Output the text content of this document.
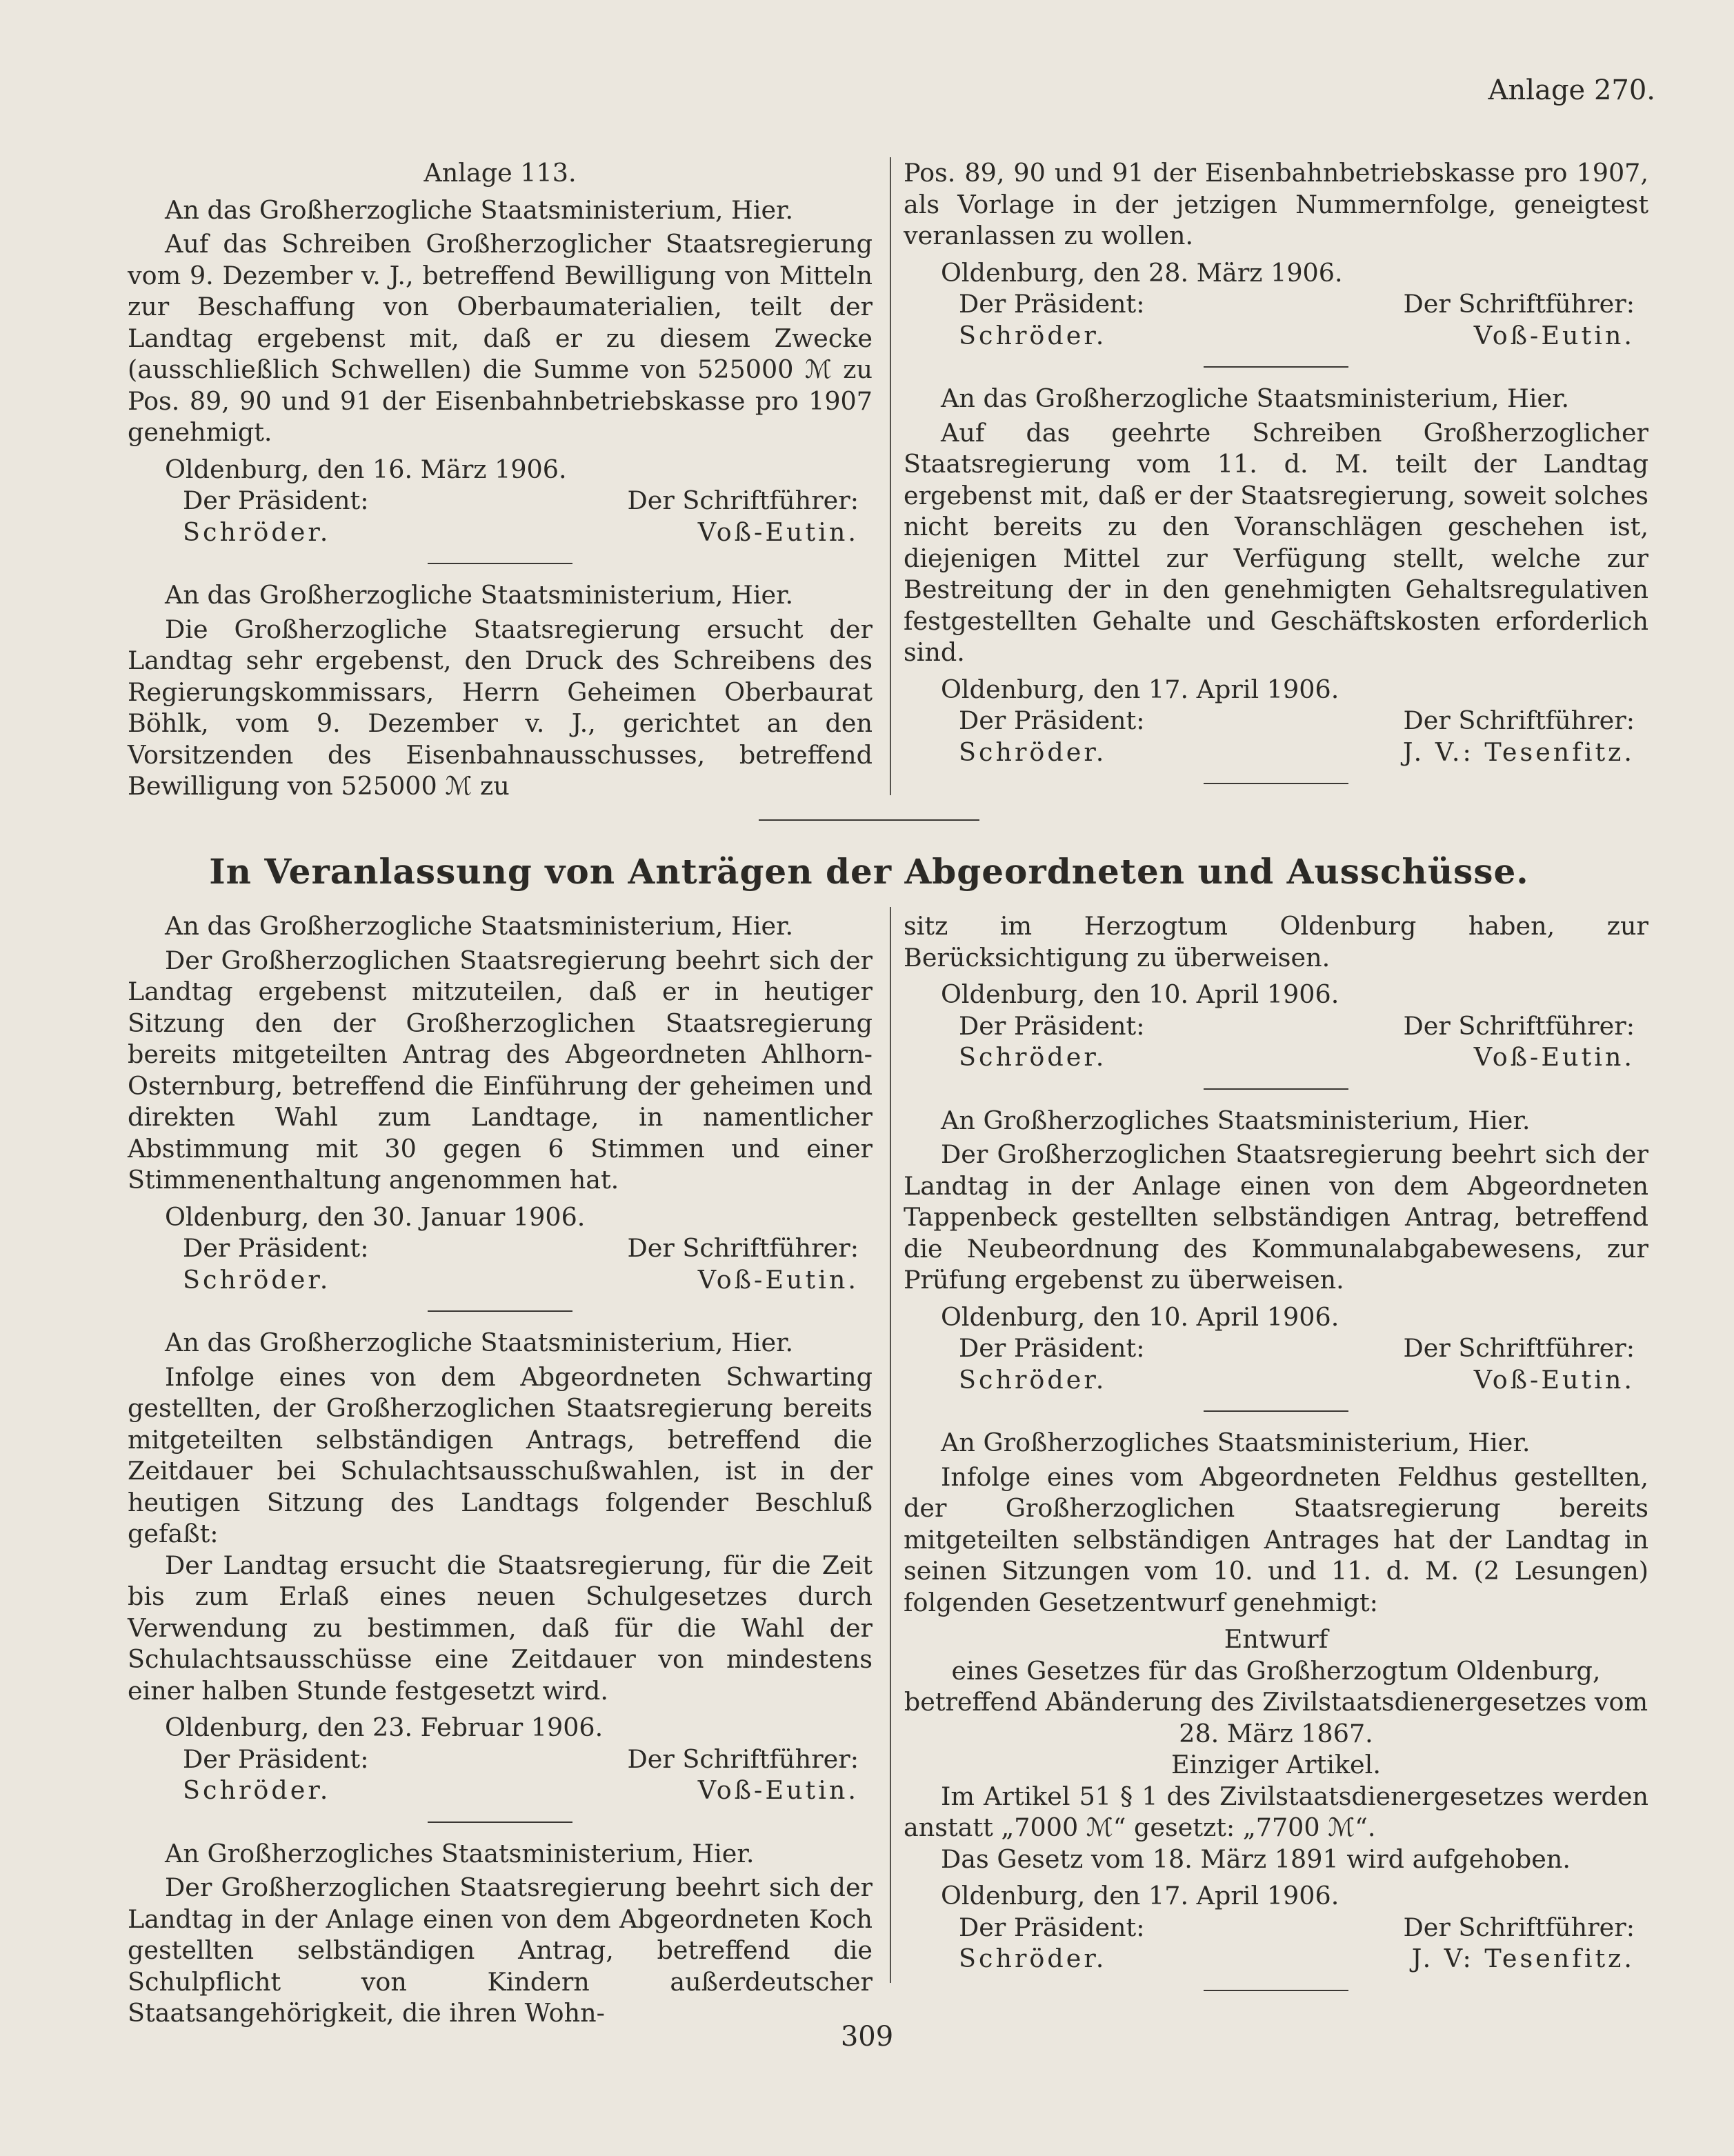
Anlage 270.

Anlage 113.

An das Großherzogliche Staatsministerium, Hier.

Auf das Schreiben Großherzoglicher Staatsregierung vom 9. Dezember v. J., betreffend Bewilligung von Mitteln zur Beschaffung von Oberbaumaterialien, teilt der Landtag ergebenst mit, daß er zu diesem Zwecke (ausschließlich Schwellen) die Summe von 525000 ℳ zu Pos. 89, 90 und 91 der Eisenbahnbetriebskasse pro 1907 genehmigt.

Oldenburg, den 16. März 1906.

Der Präsident:	Der Schriftführer:
Schröder.	Voß-Eutin.

An das Großherzogliche Staatsministerium, Hier.

Die Großherzogliche Staatsregierung ersucht der Landtag sehr ergebenst, den Druck des Schreibens des Regierungskommissars, Herrn Geheimen Oberbaurat Böhlk, vom 9. Dezember v. J., gerichtet an den Vorsitzenden des Eisenbahnausschusses, betreffend Bewilligung von 525000 ℳ zu

Pos. 89, 90 und 91 der Eisenbahnbetriebskasse pro 1907, als Vorlage in der jetzigen Nummernfolge, geneigtest veranlassen zu wollen.

Oldenburg, den 28. März 1906.

Der Präsident:	Der Schriftführer:
Schröder.	Voß-Eutin.

An das Großherzogliche Staatsministerium, Hier.

Auf das geehrte Schreiben Großherzoglicher Staatsregierung vom 11. d. M. teilt der Landtag ergebenst mit, daß er der Staatsregierung, soweit solches nicht bereits zu den Voranschlägen geschehen ist, diejenigen Mittel zur Verfügung stellt, welche zur Bestreitung der in den genehmigten Gehaltsregulativen festgestellten Gehalte und Geschäftskosten erforderlich sind.

Oldenburg, den 17. April 1906.

Der Präsident:	Der Schriftführer:
Schröder.	J. V.: Tesenfitz.
In Veranlassung von Anträgen der Abgeordneten und Ausschüsse.

An das Großherzogliche Staatsministerium, Hier.

Der Großherzoglichen Staatsregierung beehrt sich der Landtag ergebenst mitzuteilen, daß er in heutiger Sitzung den der Großherzoglichen Staatsregierung bereits mitgeteilten Antrag des Abgeordneten Ahlhorn-Osternburg, betreffend die Einführung der geheimen und direkten Wahl zum Landtage, in namentlicher Abstimmung mit 30 gegen 6 Stimmen und einer Stimmenenthaltung angenommen hat.

Oldenburg, den 30. Januar 1906.

Der Präsident:	Der Schriftführer:
Schröder.	Voß-Eutin.

An das Großherzogliche Staatsministerium, Hier.

Infolge eines von dem Abgeordneten Schwarting gestellten, der Großherzoglichen Staatsregierung bereits mitgeteilten selbständigen Antrags, betreffend die Zeitdauer bei Schulachtsausschußwahlen, ist in der heutigen Sitzung des Landtags folgender Beschluß gefaßt:

Der Landtag ersucht die Staatsregierung, für die Zeit bis zum Erlaß eines neuen Schulgesetzes durch Verwendung zu bestimmen, daß für die Wahl der Schulachtsausschüsse eine Zeitdauer von mindestens einer halben Stunde festgesetzt wird.

Oldenburg, den 23. Februar 1906.

Der Präsident:	Der Schriftführer:
Schröder.	Voß-Eutin.

An Großherzogliches Staatsministerium, Hier.

Der Großherzoglichen Staatsregierung beehrt sich der Landtag in der Anlage einen von dem Abgeordneten Koch gestellten selbständigen Antrag, betreffend die Schulpflicht von Kindern außerdeutscher Staatsangehörigkeit, die ihren Wohn-

sitz im Herzogtum Oldenburg haben, zur Berücksichtigung zu überweisen.

Oldenburg, den 10. April 1906.

Der Präsident:	Der Schriftführer:
Schröder.	Voß-Eutin.

An Großherzogliches Staatsministerium, Hier.

Der Großherzoglichen Staatsregierung beehrt sich der Landtag in der Anlage einen von dem Abgeordneten Tappenbeck gestellten selbständigen Antrag, betreffend die Neubeordnung des Kommunalabgabewesens, zur Prüfung ergebenst zu überweisen.

Oldenburg, den 10. April 1906.

Der Präsident:	Der Schriftführer:
Schröder.	Voß-Eutin.

An Großherzogliches Staatsministerium, Hier.

Infolge eines vom Abgeordneten Feldhus gestellten, der Großherzoglichen Staatsregierung bereits mitgeteilten selbständigen Antrages hat der Landtag in seinen Sitzungen vom 10. und 11. d. M. (2 Lesungen) folgenden Gesetzentwurf genehmigt:

Entwurf

eines Gesetzes für das Großherzogtum Oldenburg, betreffend Abänderung des Zivilstaatsdienergesetzes vom 28. März 1867.

Einziger Artikel.

Im Artikel 51 § 1 des Zivilstaatsdienergesetzes werden anstatt „7000 ℳ“ gesetzt: „7700 ℳ“.

Das Gesetz vom 18. März 1891 wird aufgehoben.

Oldenburg, den 17. April 1906.

Der Präsident:	Der Schriftführer:
Schröder.	J. V: Tesenfitz.
309
